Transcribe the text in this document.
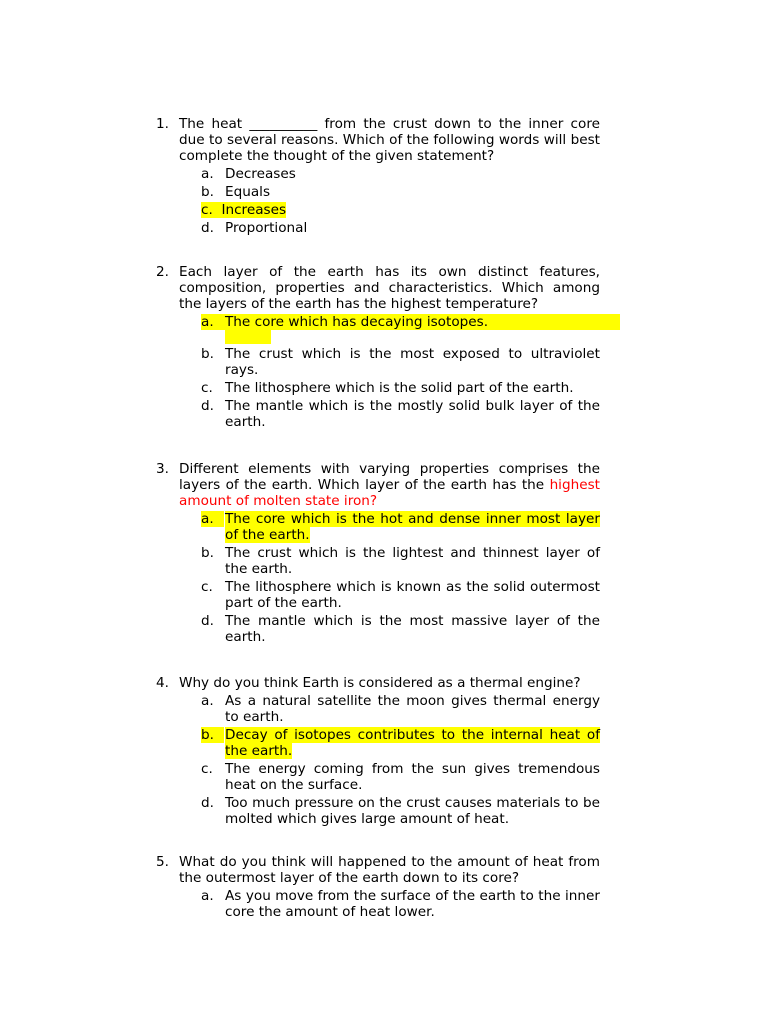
1. The heat __________ from the crust down to the inner core due to several reasons. Which of the following words will best complete the thought of the given statement?
a. Decreases
b. Equals
c. Increases
d. Proportional
2. Each layer of the earth has its own distinct features, composition, properties and characteristics. Which among the layers of the earth has the highest temperature?
a. The core which has decaying isotopes.
b. The crust which is the most exposed to ultraviolet rays.
c. The lithosphere which is the solid part of the earth.
d. The mantle which is the mostly solid bulk layer of the earth.
3. Different elements with varying properties comprises the layers of the earth. Which layer of the earth has the highest amount of molten state iron?
a. The core which is the hot and dense inner most layer of the earth.
b. The crust which is the lightest and thinnest layer of the earth.
c. The lithosphere which is known as the solid outermost part of the earth.
d. The mantle which is the most massive layer of the earth.
4. Why do you think Earth is considered as a thermal engine?
a. As a natural satellite the moon gives thermal energy to earth.
b. Decay of isotopes contributes to the internal heat of the earth.
c. The energy coming from the sun gives tremendous heat on the surface.
d. Too much pressure on the crust causes materials to be molted which gives large amount of heat.
5. What do you think will happened to the amount of heat from the outermost layer of the earth down to its core?
a. As you move from the surface of the earth to the inner core the amount of heat lower.
